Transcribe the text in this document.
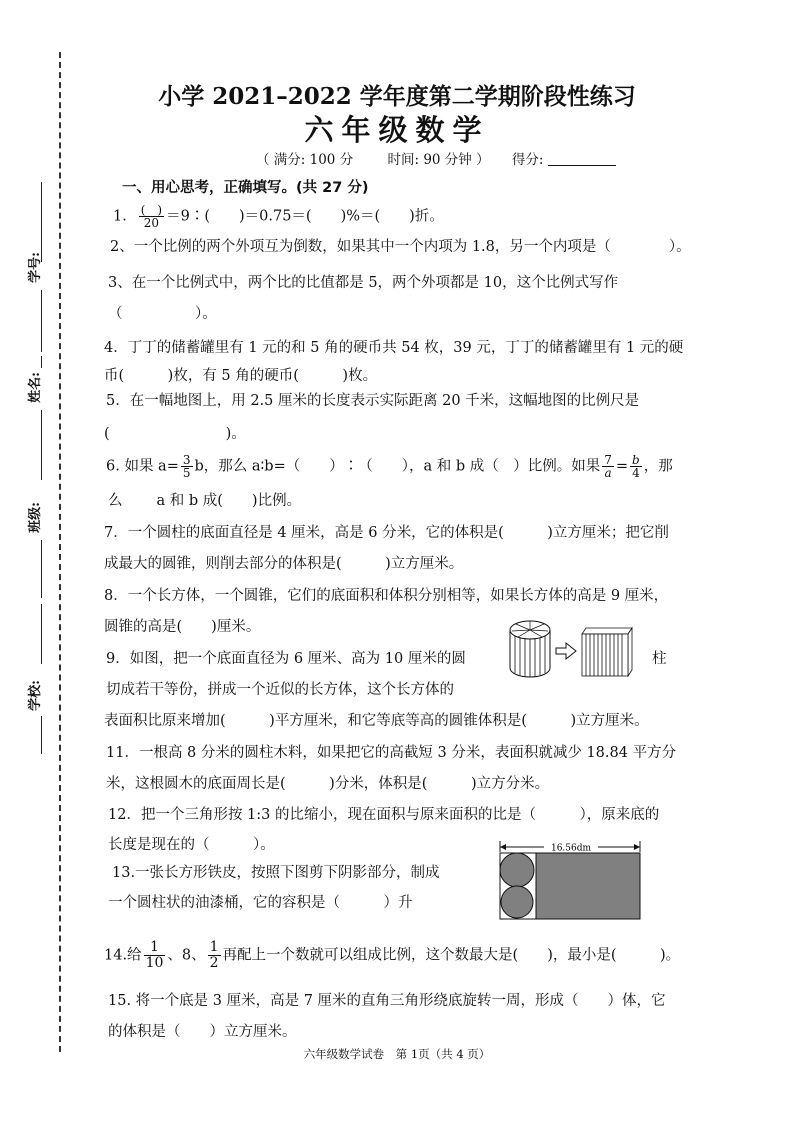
学号:
姓名:
班级:
学校:
小学 2021–2022 学年度第二学期阶段性练习
六年级数学
（ 满分: 100 分	时间: 90 分钟 ） 得分:
一、用心思考，正确填写。(共 27 分)
1． $\frac{( )}{20}$ ＝9∶(　　)＝0.75＝(　　)%＝(　　)折。
2、一个比例的两个外项互为倒数，如果其中一个内项为 1.8，另一个内项是（　　　　）。
3、在一个比例式中，两个比的比值都是 5，两个外项都是 10，这个比例式写作
（　　　　　）。
4．丁丁的储蓄罐里有 1 元的和 5 角的硬币共 54 枚，39 元，丁丁的储蓄罐里有 1 元的硬
币(　　　)枚，有 5 角的硬币(　　　)枚。
5．在一幅地图上，用 2.5 厘米的长度表示实际距离 20 千米，这幅地图的比例尺是
(　　　　　　　　)。
6. 如果 $a= \frac{3}{5}$ b，那么 a∶b=（　　）∶（　　），a 和 b 成（　）比例。如果 $\frac{7}{a} = \frac{b}{4}$ ，那
么 a 和 b 成(　　)比例。
7．一个圆柱的底面直径是 4 厘米，高是 6 分米，它的体积是(　　　)立方厘米；把它削
成最大的圆锥，则削去部分的体积是(　　　)立方厘米。
8．一个长方体，一个圆锥，它们的底面积和体积分别相等，如果长方体的高是 9 厘米，
圆锥的高是(　　)厘米。
9．如图，把一个底面直径为 6 厘米、高为 10 厘米的圆	柱
切成若干等份，拼成一个近似的长方体，这个长方体的
表面积比原来增加(　　　)平方厘米，和它等底等高的圆锥体积是(　　　)立方厘米。
11．一根高 8 分米的圆柱木料，如果把它的高截短 3 分米，表面积就减少 18.84 平方分
米，这根圆木的底面周长是(　　　)分米，体积是(　　　)立方分米。
12．把一个三角形按 1:3 的比缩小，现在面积与原来面积的比是（　　　），原来底的
长度是现在的（　　　）。
13.一张长方形铁皮，按照下图剪下阴影部分，制成
一个圆柱状的油漆桶，它的容积是（　　　）升
16.56dm
14.给 $\frac{1}{10}$ 、8、 $\frac{1}{2}$ 再配上一个数就可以组成比例，这个数最大是(　　)，最小是(　　　)。
15. 将一个底是 3 厘米，高是 7 厘米的直角三角形绕底旋转一周，形成（　　）体，它
的体积是（　　）立方厘米。
六年级数学试卷　第 1页（共 4 页）
